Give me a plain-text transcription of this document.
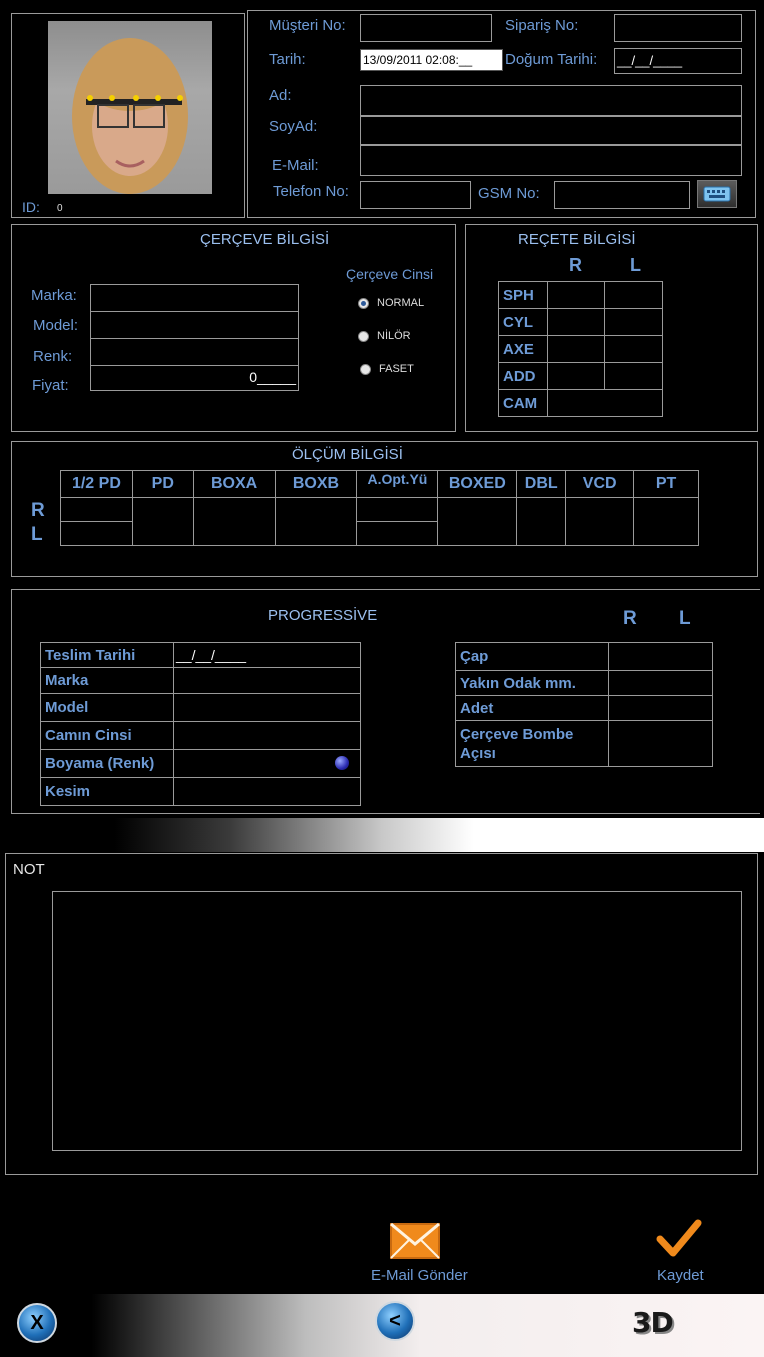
ID: 0
Müşteri No:	Sipariş No:
Tarih:	13/09/2011 02:08:__	Doğum Tarihi: __/__/____
Ad:
SoyAd:
E-Mail:
Telefon No:	GSM No:
ÇERÇEVE BİLGİSİ
Marka:
Model:
Renk:
Fiyat:	0_____
Çerçeve Cinsi
NORMAL
NİLÖR
FASET
REÇETE BİLGİSİ
R	L
SPH		
CYL		
AXE		
ADD		
CAM		
ÖLÇÜM BİLGİSİ
R
L
1/2 PD	PD	BOXA	BOXB	A.Opt.Yü	BOXED	DBL	VCD	PT

PROGRESSİVE	R L
Teslim Tarihi	__/__/____
Marka	
Model	
Camın Cinsi	
Boyama (Renk)	

Kesim	
Çap	
Yakın Odak mm.	
Adet	
Çerçeve Bombe Açısı	
NOT
E-Mail Gönder	Kaydet
X	<	3D
